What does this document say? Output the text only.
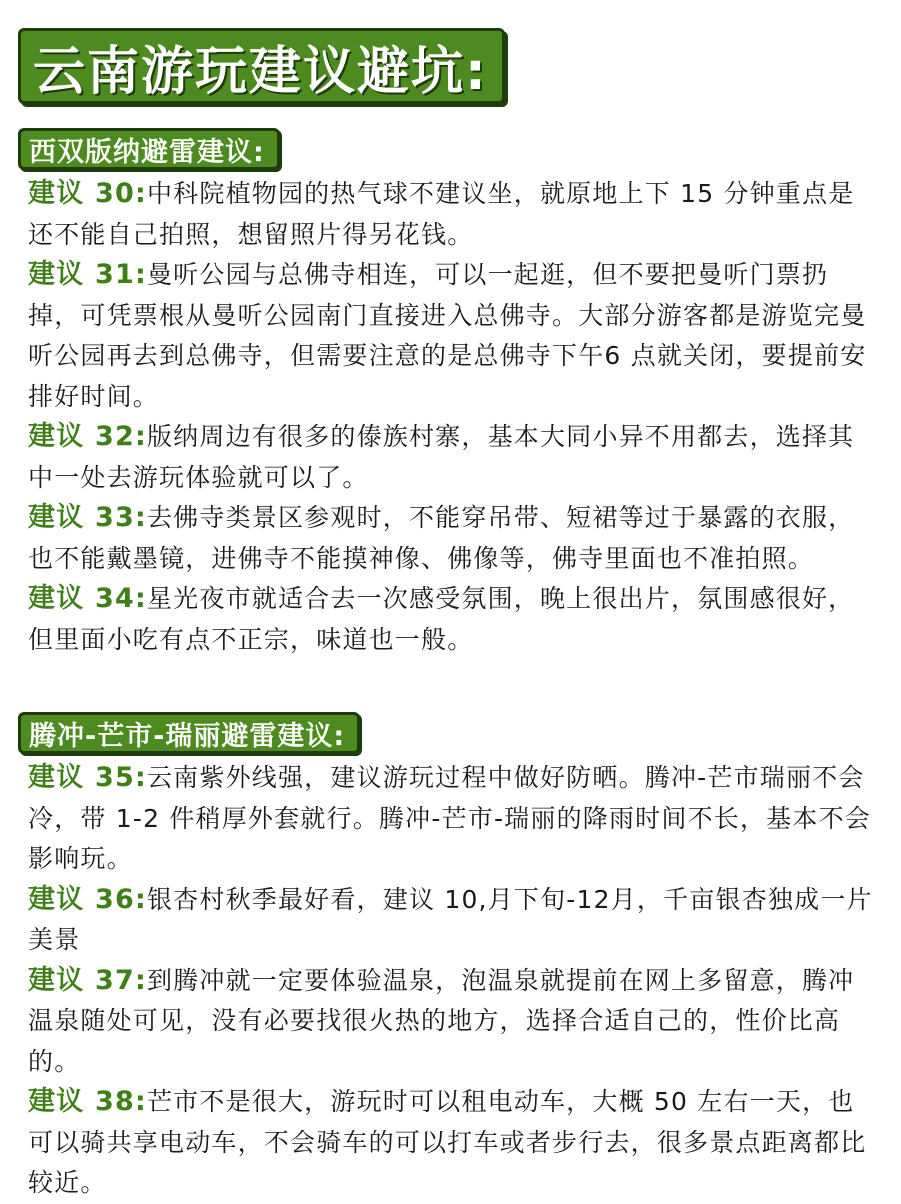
云南游玩建议避坑:
西双版纳避雷建议:

建议 30:中科院植物园的热气球不建议坐，就原地上下 15 分钟重点是还不能自己拍照，想留照片得另花钱。

建议 31:曼听公园与总佛寺相连，可以一起逛，但不要把曼听门票扔掉，可凭票根从曼听公园南门直接进入总佛寺。大部分游客都是游览完曼听公园再去到总佛寺，但需要注意的是总佛寺下午6 点就关闭，要提前安排好时间。

建议 32:版纳周边有很多的傣族村寨，基本大同小异不用都去，选择其中一处去游玩体验就可以了。

建议 33:去佛寺类景区参观时，不能穿吊带、短裙等过于暴露的衣服，也不能戴墨镜，进佛寺不能摸神像、佛像等，佛寺里面也不准拍照。

建议 34:星光夜市就适合去一次感受氛围，晚上很出片，氛围感很好，但里面小吃有点不正宗，味道也一般。

腾冲-芒市-瑞丽避雷建议:

建议 35:云南紫外线强，建议游玩过程中做好防晒。腾冲-芒市瑞丽不会冷，带 1-2 件稍厚外套就行。腾冲-芒市-瑞丽的降雨时间不长，基本不会影响玩。

建议 36:银杏村秋季最好看，建议 10,月下旬-12月，千亩银杏独成一片美景

建议 37:到腾冲就一定要体验温泉，泡温泉就提前在网上多留意，腾冲温泉随处可见，没有必要找很火热的地方，选择合适自己的，性价比高的。

建议 38:芒市不是很大，游玩时可以租电动车，大概 50 左右一天，也可以骑共享电动车，不会骑车的可以打车或者步行去，很多景点距离都比较近。
